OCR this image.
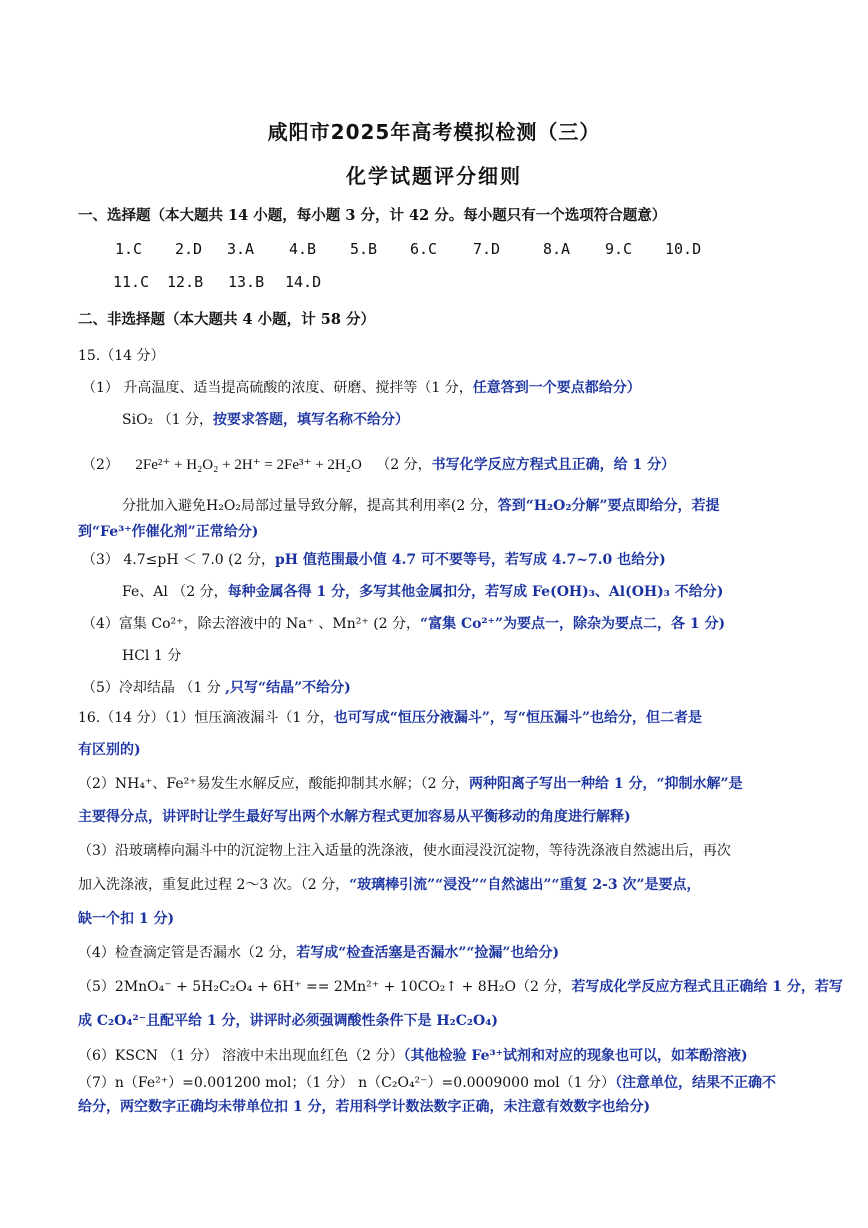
咸阳市2025年高考模拟检测（三）
化学试题评分细则
一、选择题（本大题共 14 小题，每小题 3 分，计 42 分。每小题只有一个选项符合题意）
1.C 2.D 3.A 4.B 5.B 6.C 7.D	8.A 9.C 10.D
11.C 12.B 13.B 14.D
二、非选择题（本大题共 4 小题，计 58 分）
15.（14 分）
（1） 升高温度、适当提高硫酸的浓度、研磨、搅拌等（1 分，任意答到一个要点都给分）
SiO₂ （1 分，按要求答题，填写名称不给分）
（2） 2Fe²⁺ + H₂O₂ + 2H⁺ = 2Fe³⁺ + 2H₂O （2 分，书写化学反应方程式且正确，给 1 分）
分批加入避免H₂O₂局部过量导致分解，提高其利用率(2 分，答到“H₂O₂分解”要点即给分，若提
到“Fe³⁺作催化剂”正常给分)
（3） 4.7≤pH ＜ 7.0 (2 分，pH 值范围最小值 4.7 可不要等号，若写成 4.7~7.0 也给分)
Fe、Al （2 分，每种金属各得 1 分，多写其他金属扣分，若写成 Fe(OH)₃、Al(OH)₃ 不给分)
（4）富集 Co²⁺，除去溶液中的 Na⁺ 、Mn²⁺ (2 分，“富集 Co²⁺”为要点一，除杂为要点二，各 1 分)
HCl 1 分
（5）冷却结晶 （1 分 ,只写“结晶”不给分)
16.（14 分）（1）恒压滴液漏斗（1 分，也可写成“恒压分液漏斗”，写“恒压漏斗”也给分，但二者是
有区别的)
（2）NH₄⁺、Fe²⁺易发生水解反应，酸能抑制其水解；（2 分，两种阳离子写出一种给 1 分，“抑制水解”是
主要得分点，讲评时让学生最好写出两个水解方程式更加容易从平衡移动的角度进行解释)
（3）沿玻璃棒向漏斗中的沉淀物上注入适量的洗涤液，使水面浸没沉淀物，等待洗涤液自然滤出后，再次
加入洗涤液，重复此过程 2～3 次。（2 分，“玻璃棒引流”“浸没”“自然滤出”“重复 2-3 次”是要点，
缺一个扣 1 分)
（4）检查滴定管是否漏水（2 分，若写成“检查活塞是否漏水”“捡漏”也给分)
（5）2MnO₄⁻ + 5H₂C₂O₄ + 6H⁺ == 2Mn²⁺ + 10CO₂↑ + 8H₂O（2 分，若写成化学反应方程式且正确给 1 分，若写
成 C₂O₄²⁻且配平给 1 分，讲评时必须强调酸性条件下是 H₂C₂O₄)
（6）KSCN （1 分） 溶液中未出现血红色（2 分）（其他检验 Fe³⁺试剂和对应的现象也可以，如苯酚溶液)
（7）n（Fe²⁺）=0.001200 mol；（1 分） n（C₂O₄²⁻）=0.0009000 mol（1 分）（注意单位，结果不正确不
给分，两空数字正确均未带单位扣 1 分，若用科学计数法数字正确，未注意有效数字也给分)
